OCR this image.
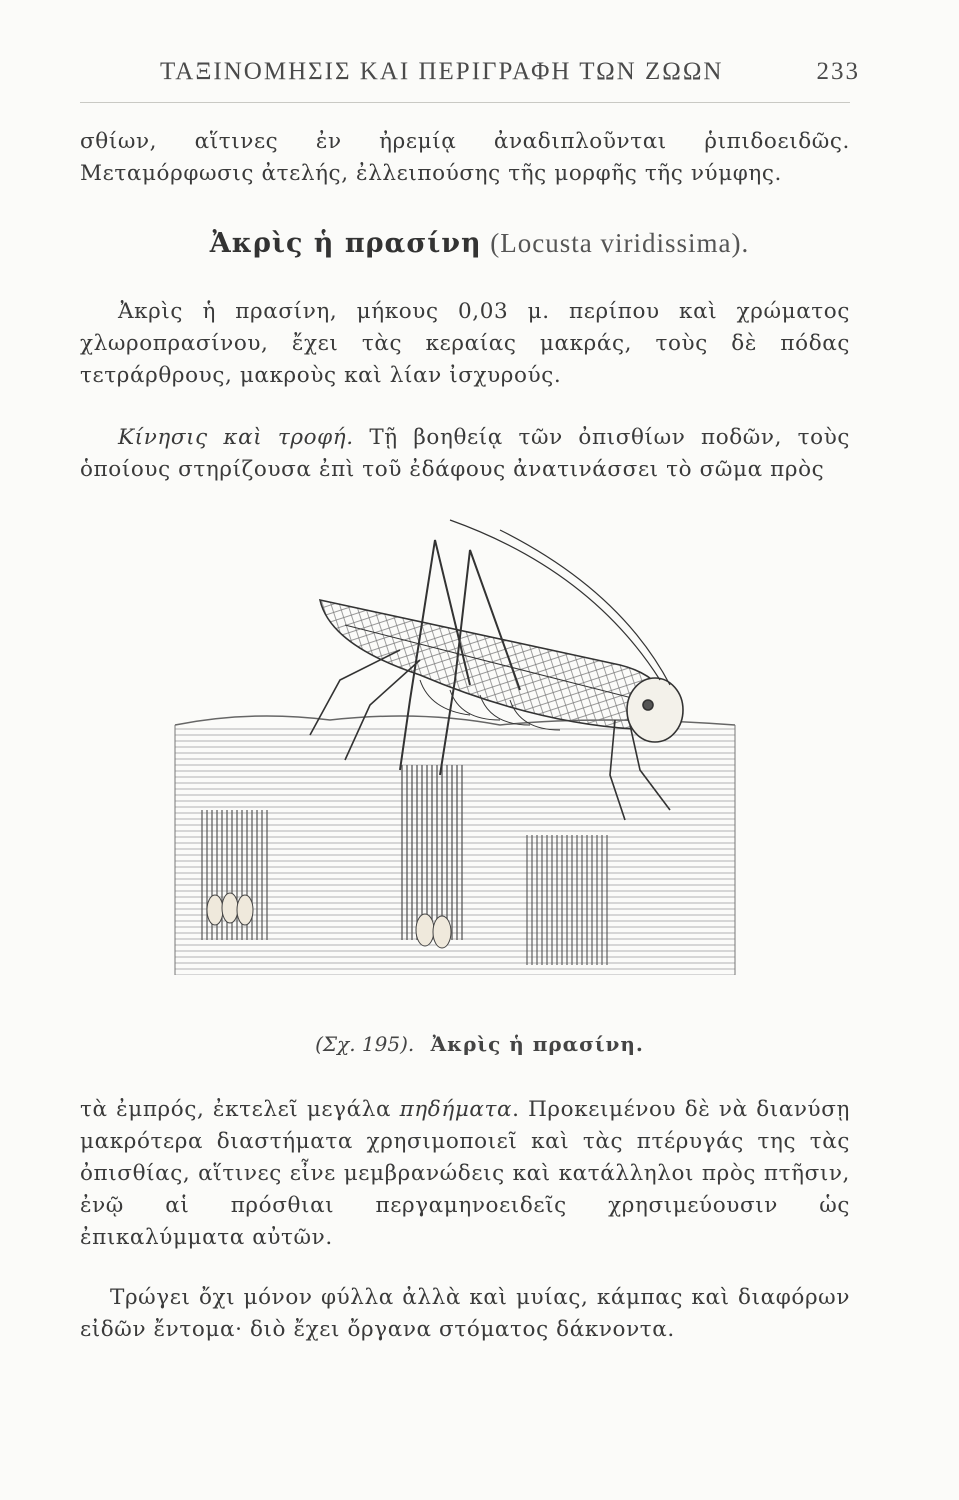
ΤΑΞΙΝΟΜΗΣΙΣ ΚΑΙ ΠΕΡΙΓΡΑΦΗ ΤΩΝ ΖΩΩΝ	233
σθίων, αἵτινες ἐν ἠρεμίᾳ ἀναδιπλοῦνται ῥιπιδοειδῶς. Μεταμόρφωσις ἀτελής, ἐλλειπούσης τῆς μορφῆς τῆς νύμφης.
Ἀκρὶς ἡ πρασίνη (Locusta viridissima).
Ἀκρὶς ἡ πρασίνη, μήκους 0,03 μ. περίπου καὶ χρώματος χλωροπρασίνου, ἔχει τὰς κεραίας μακράς, τοὺς δὲ πόδας τετράρθρους, μακροὺς καὶ λίαν ἰσχυρούς.
Κίνησις καὶ τροφή. Τῇ βοηθείᾳ τῶν ὀπισθίων ποδῶν, τοὺς ὁποίους στηρίζουσα ἐπὶ τοῦ ἐδάφους ἀνατινάσσει τὸ σῶμα πρὸς
(Σχ. 195). Ἀκρὶς ἡ πρασίνη.
τὰ ἐμπρός, ἐκτελεῖ μεγάλα πηδήματα. Προκειμένου δὲ νὰ διανύσῃ μακρότερα διαστήματα χρησιμοποιεῖ καὶ τὰς πτέρυγάς της τὰς ὀπισθίας, αἵτινες εἶνε μεμβρανώδεις καὶ κατάλληλοι πρὸς πτῆσιν, ἐνῷ αἱ πρόσθιαι περγαμηνοειδεῖς χρησιμεύουσιν ὡς ἐπικαλύμματα αὐτῶν.
Τρώγει ὄχι μόνον φύλλα ἀλλὰ καὶ μυίας, κάμπας καὶ διαφόρων εἰδῶν ἔντομα· διὸ ἔχει ὄργανα στόματος δάκνοντα.
